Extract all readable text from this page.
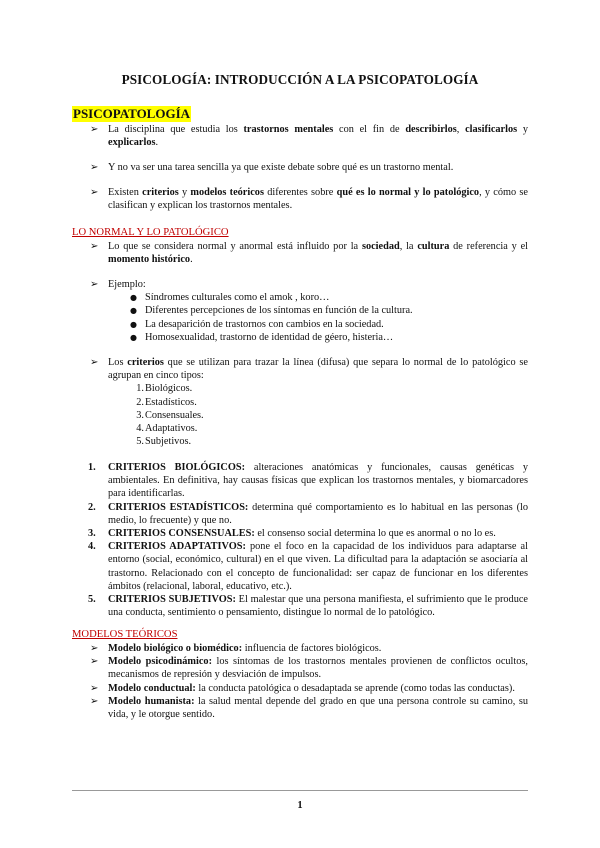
PSICOLOGÍA: INTRODUCCIÓN A LA PSICOPATOLOGÍA
PSICOPATOLOGÍA
➢ La disciplina que estudia los trastornos mentales con el fin de describirlos, clasificarlos y explicarlos.
➢ Y no va ser una tarea sencilla ya que existe debate sobre qué es un trastorno mental.
➢ Existen criterios y modelos teóricos diferentes sobre qué es lo normal y lo patológico, y cómo se clasifican y explican los trastornos mentales.
LO NORMAL Y LO PATOLÓGICO
➢ Lo que se considera normal y anormal está influido por la sociedad, la cultura de referencia y el momento histórico.
➢ Ejemplo:
● Síndromes culturales como el amok , koro…
● Diferentes percepciones de los síntomas en función de la cultura.
● La desaparición de trastornos con cambios en la sociedad.
● Homosexualidad, trastorno de identidad de géero, histeria…
➢ Los criterios que se utilizan para trazar la línea (difusa) que separa lo normal de lo patológico se agrupan en cinco tipos:
1. Biológicos.
2. Estadísticos.
3. Consensuales.
4. Adaptativos.
5. Subjetivos.
1. CRITERIOS BIOLÓGICOS: alteraciones anatómicas y funcionales, causas genéticas y ambientales. En definitiva, hay causas físicas que explican los trastornos mentales, y biomarcadores para identificarlas.
2. CRITERIOS ESTADÍSTICOS: determina qué comportamiento es lo habitual en las personas (lo medio, lo frecuente) y que no.
3. CRITERIOS CONSENSUALES: el consenso social determina lo que es anormal o no lo es.
4. CRITERIOS ADAPTATIVOS: pone el foco en la capacidad de los individuos para adaptarse al entorno (social, económico, cultural) en el que viven. La dificultad para la adaptación se asociaría al trastorno. Relacionado con el concepto de funcionalidad: ser capaz de funcionar en los diferentes ámbitos (relacional, laboral, educativo, etc.).
5. CRITERIOS SUBJETIVOS: El malestar que una persona manifiesta, el sufrimiento que le produce una conducta, sentimiento o pensamiento, distingue lo normal de lo patológico.
MODELOS TEÓRICOS
➢ Modelo biológico o biomédico: influencia de factores biológicos.
➢ Modelo psicodinámico: los síntomas de los trastornos mentales provienen de conflictos ocultos, mecanismos de represión y desviación de impulsos.
➢ Modelo conductual: la conducta patológica o desadaptada se aprende (como todas las conductas).
➢ Modelo humanista: la salud mental depende del grado en que una persona controle su camino, su vida, y le otorgue sentido.
1
